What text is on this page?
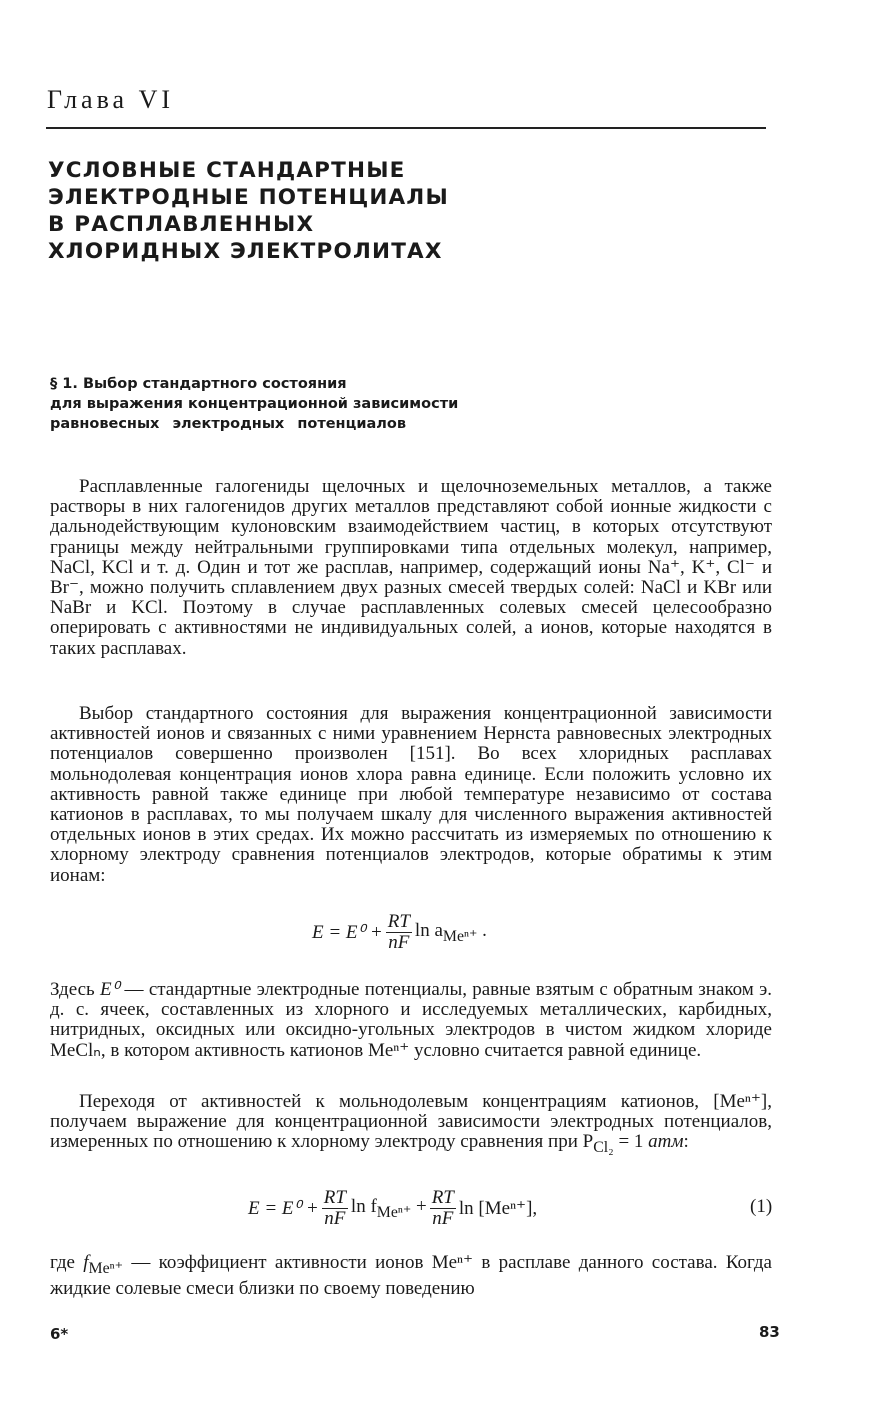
Глава VI
УСЛОВНЫЕ СТАНДАРТНЫЕ
ЭЛЕКТРОДНЫЕ ПОТЕНЦИАЛЫ
В РАСПЛАВЛЕННЫХ
ХЛОРИДНЫХ ЭЛЕКТРОЛИТАХ
§ 1. Выбор стандартного состояния
для выражения концентрационной зависимости
равновесных электродных потенциалов
Расплавленные галогениды щелочных и щелочноземельных металлов, а также растворы в них галогенидов других металлов представляют собой ионные жидкости с дальнодействующим кулоновским взаимодействием частиц, в которых отсутствуют границы между нейтральными группировками типа отдельных молекул, например, NaCl, KCl и т. д. Один и тот же расплав, например, содержащий ионы Na⁺, K⁺, Cl⁻ и Br⁻, можно получить сплавлением двух разных смесей твердых солей: NaCl и KBr или NaBr и KCl. Поэтому в случае расплавленных солевых смесей целесообразно оперировать с активностями не индивидуальных солей, а ионов, которые находятся в таких расплавах.
Выбор стандартного состояния для выражения концентрационной зависимости активностей ионов и связанных с ними уравнением Нернста равновесных электродных потенциалов совершенно произволен [151]. Во всех хлоридных расплавах мольнодолевая концентрация ионов хлора равна единице. Если положить условно их активность равной также единице при любой температуре независимо от состава катионов в расплавах, то мы получаем шкалу для численного выражения активностей отдельных ионов в этих средах. Их можно рассчитать из измеряемых по отношению к хлорному электроду сравнения потенциалов электродов, которые обратимы к этим ионам:
$E = E^0 + \frac{RT}{nF}$ $\ln a_{Me^{n+}}$ .
Здесь E⁰ — стандартные электродные потенциалы, равные взятым с обратным знаком э. д. с. ячеек, составленных из хлорного и исследуемых металлических, карбидных, нитридных, оксидных или оксидно-угольных электродов в чистом жидком хлориде MeClₙ, в котором активность катионов Meⁿ⁺ условно считается равной единице.
Переходя от активностей к мольнодолевым концентрациям катионов, [Meⁿ⁺], получаем выражение для концентрационной зависимости электродных потенциалов, измеренных по отношению к хлорному электроду сравнения при $P_{Cl_2} = 1$ атм:
$E = E^0 + \frac{RT}{nF}$ $\ln f_{Me^{n+}} + \frac{RT}{nF}$ ln [Meⁿ⁺],	(1)
где $f_{Me^{n+}}$ — коэффициент активности ионов Meⁿ⁺ в расплаве данного состава. Когда жидкие солевые смеси близки по своему поведению
6*	83
